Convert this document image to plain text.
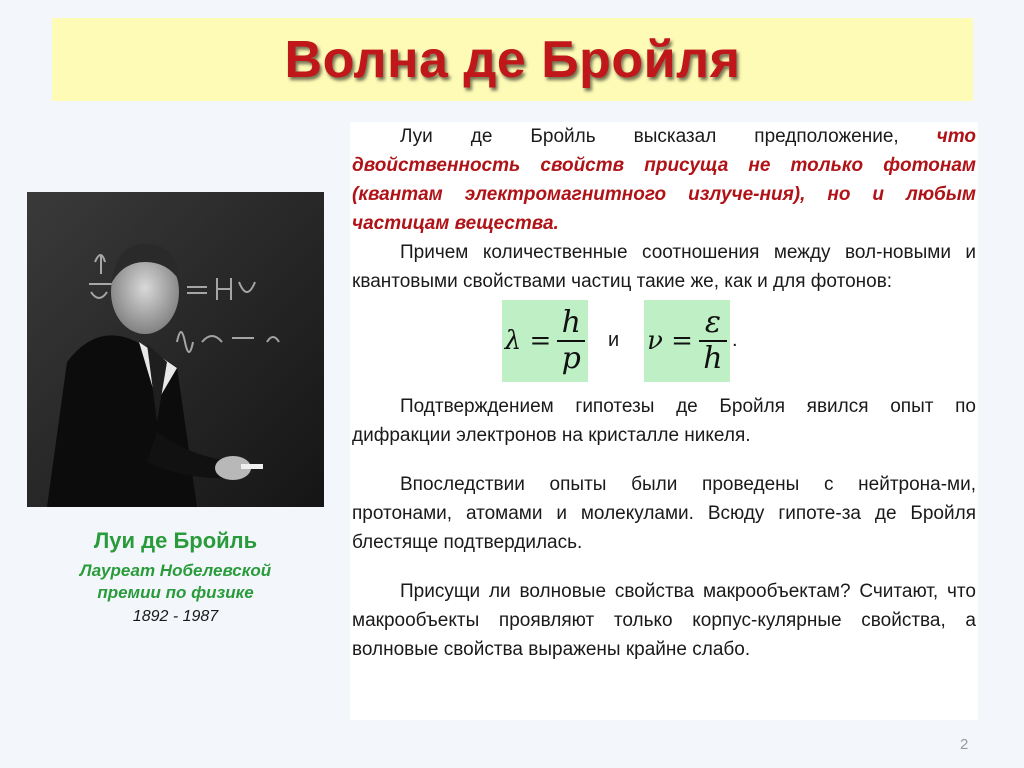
Волна де Бройля
Луи де Бройль
Лауреат Нобелевской
премии по физике
1892 - 1987

Луи де Бройль высказал предположение, что двойственность свойств присуща не только фотонам (квантам электромагнитного излуче-ния), но и любым частицам вещества.

Причем количественные соотношения между вол-новыми и квантовыми свойствами частиц такие же, как и для фотонов:

$\lambda = \frac{h}{p}$ и $\nu = \frac{\varepsilon}{h}$ .

Подтверждением гипотезы де Бройля явился опыт по дифракции электронов на кристалле никеля.

Впоследствии опыты были проведены с нейтрона-ми, протонами, атомами и молекулами. Всюду гипоте-за де Бройля блестяще подтвердилась.

Присущи ли волновые свойства макрообъектам? Считают, что макрообъекты проявляют только корпус-кулярные свойства, а волновые свойства выражены крайне слабо.

2
